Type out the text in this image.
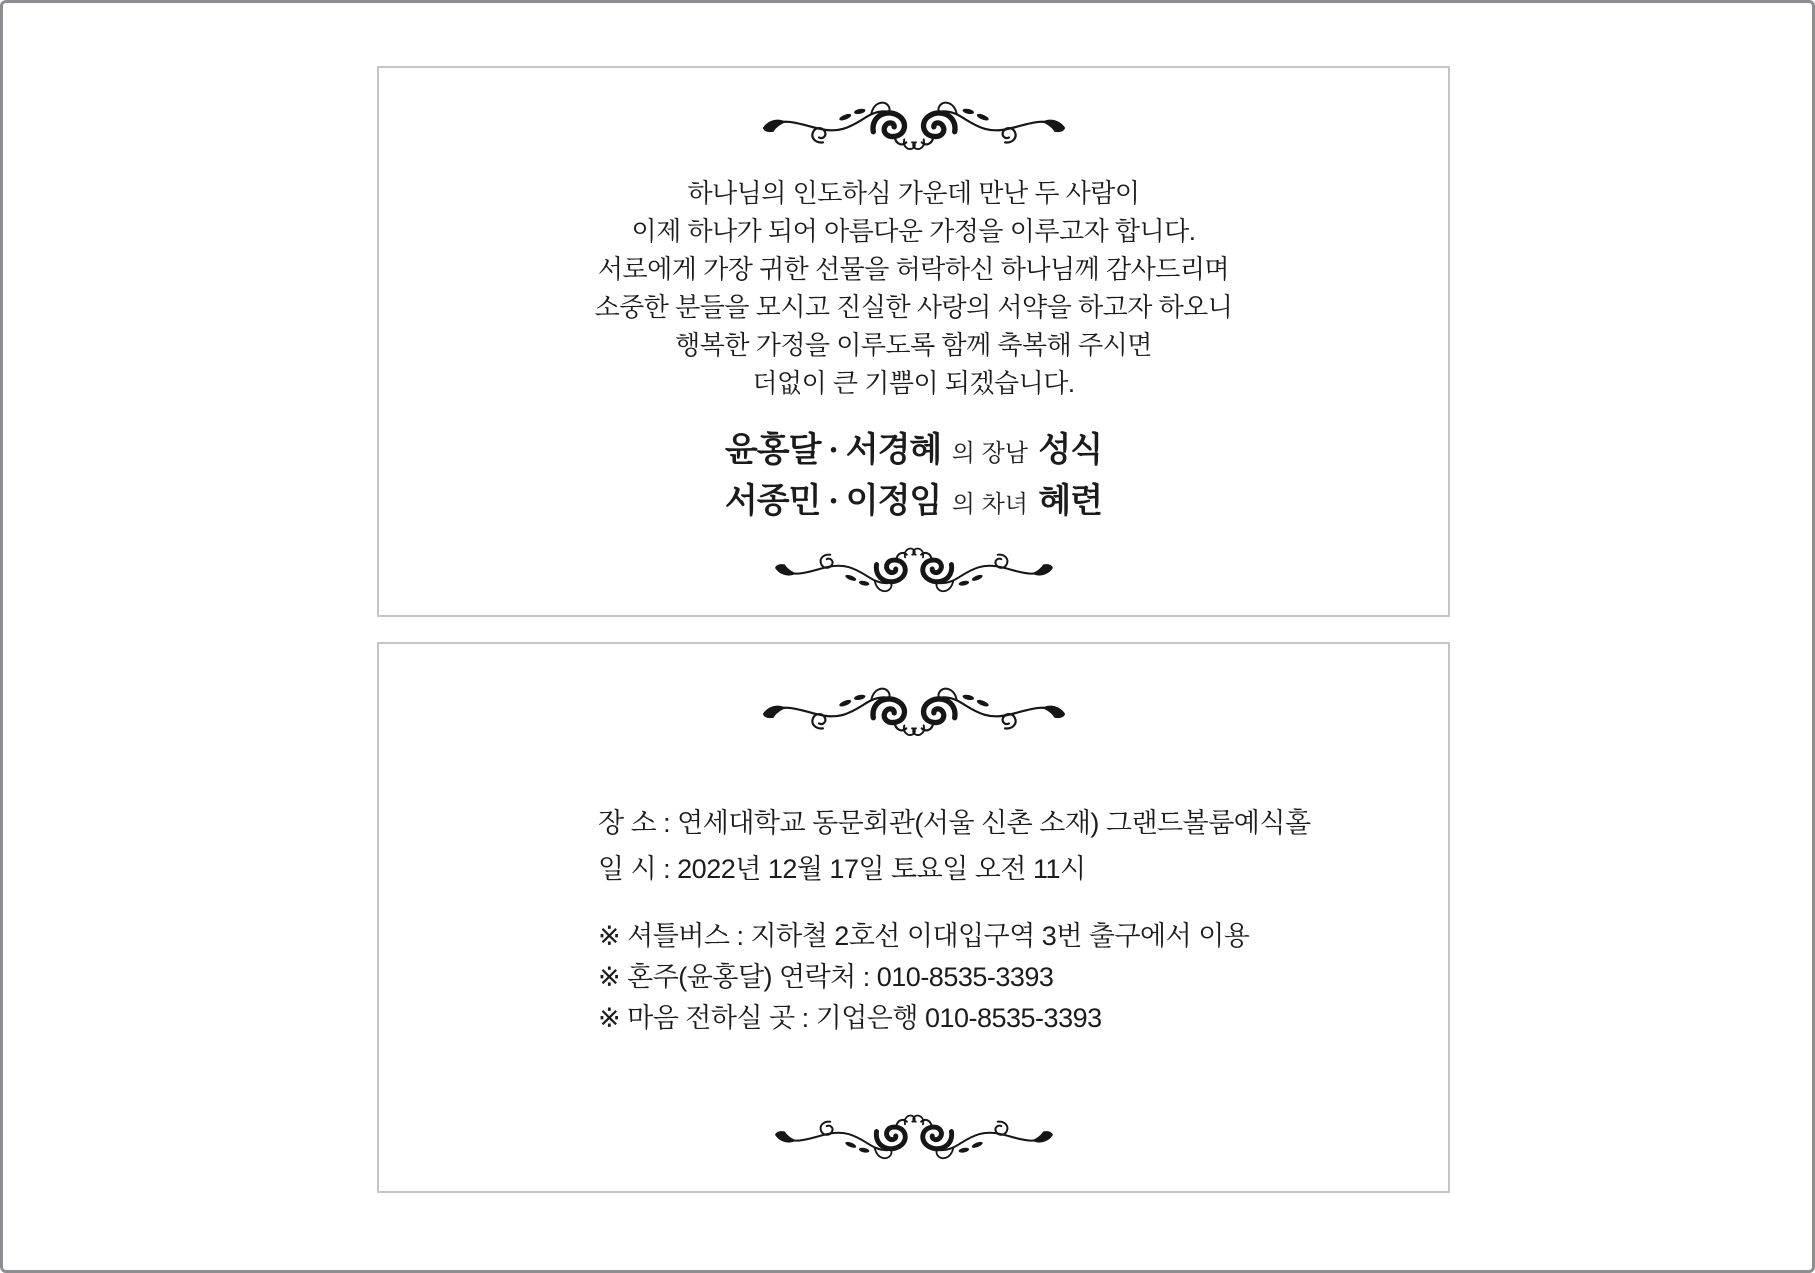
하나님의 인도하심 가운데 만난 두 사람이

이제 하나가 되어 아름다운 가정을 이루고자 합니다.

서로에게 가장 귀한 선물을 허락하신 하나님께 감사드리며

소중한 분들을 모시고 진실한 사랑의 서약을 하고자 하오니

행복한 가정을 이루도록 함께 축복해 주시면

더없이 큰 기쁨이 되겠습니다.

윤홍달 · 서경혜 의 장남 성식

서종민 · 이정임 의 차녀 혜련

장 소 : 연세대학교 동문회관(서울 신촌 소재) 그랜드볼룸예식홀

일 시 : 2022년 12월 17일 토요일 오전 11시

※ 셔틀버스 : 지하철 2호선 이대입구역 3번 출구에서 이용

※ 혼주(윤홍달) 연락처 : 010-8535-3393

※ 마음 전하실 곳 : 기업은행 010-8535-3393
